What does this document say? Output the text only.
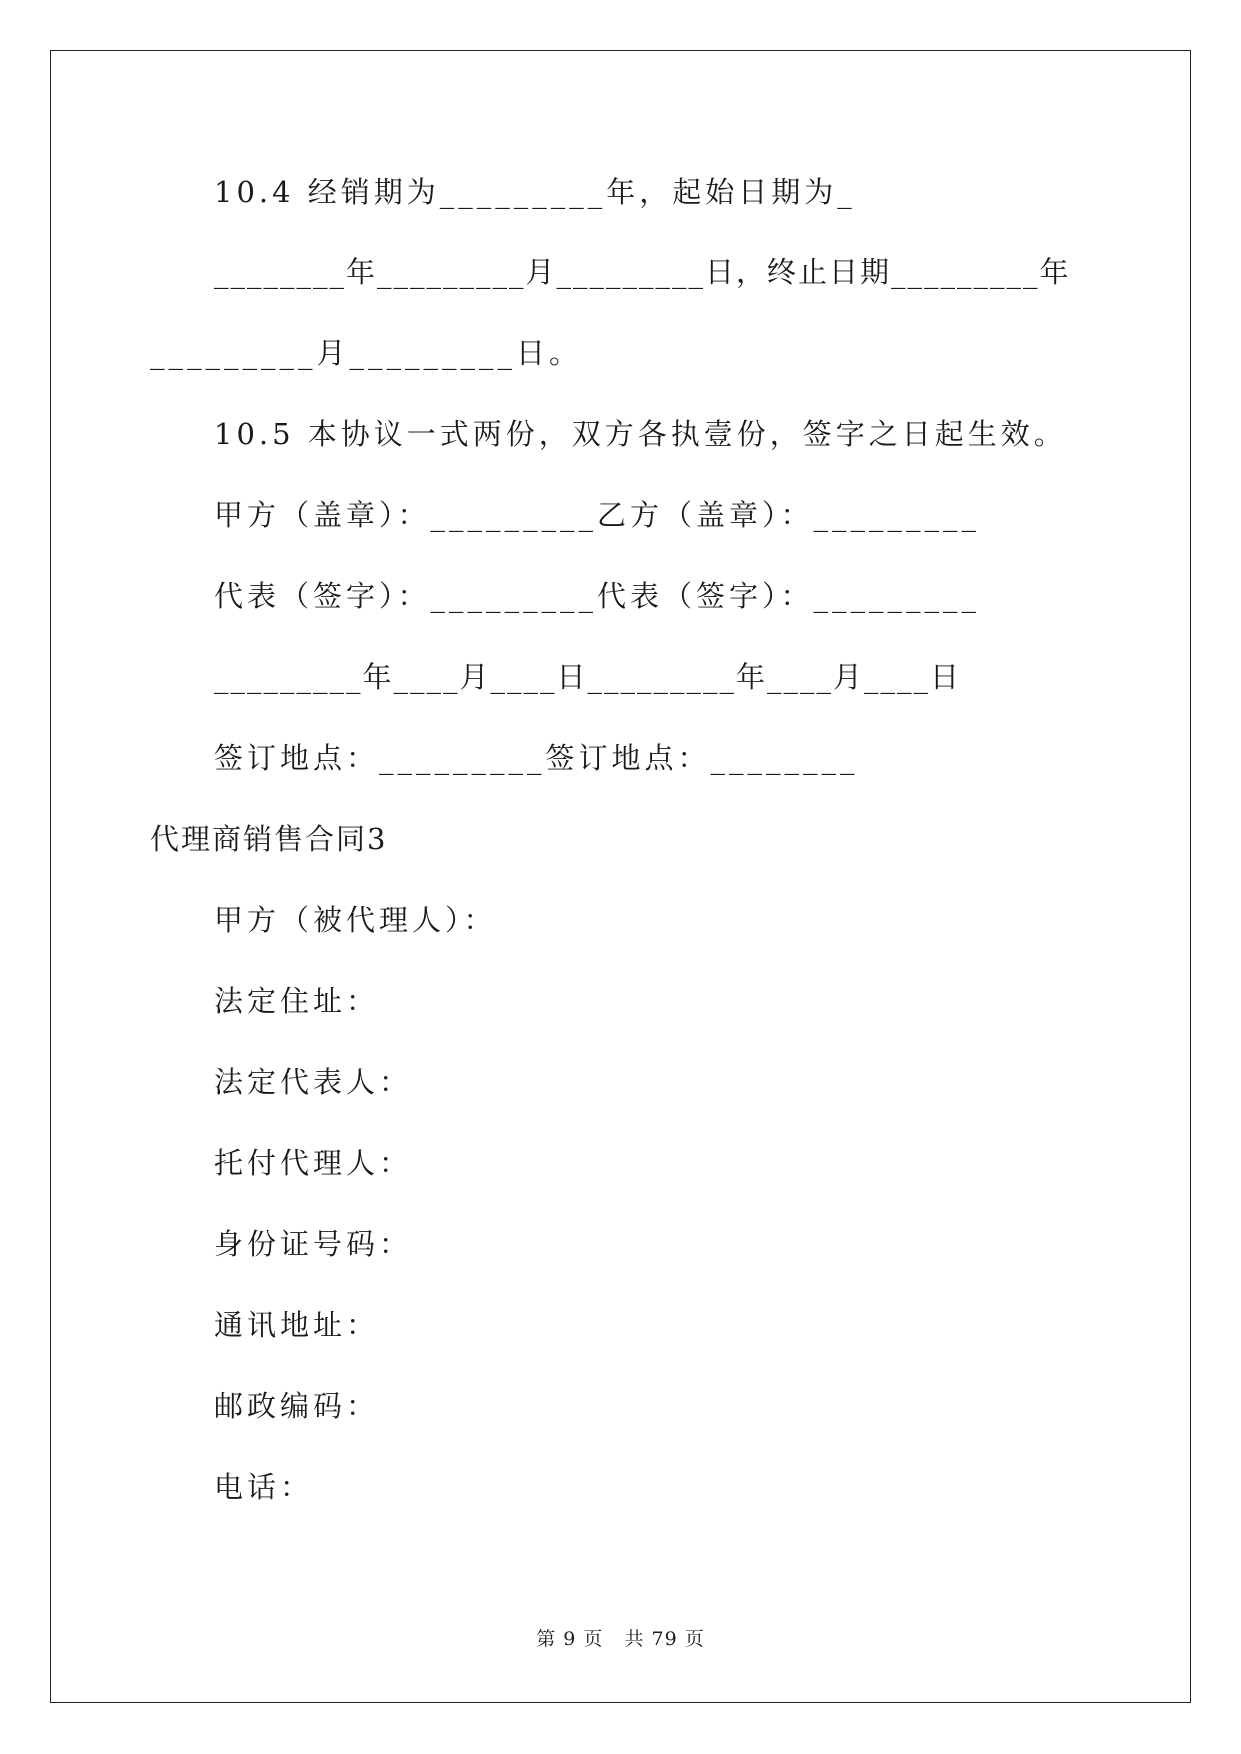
10.4 经销期为_________年，起始日期为_
________年_________月_________日，终止日期_________年
_________月_________日。
10.5 本协议一式两份，双方各执壹份，签字之日起生效。
甲方（盖章）：_________乙方（盖章）：_________
代表（签字）：_________代表（签字）：_________
_________年____月____日_________年____月____日
签订地点：_________签订地点：________
代理商销售合同3
甲方（被代理人）：
法定住址：
法定代表人：
托付代理人：
身份证号码：
通讯地址：
邮政编码：
电话：
第 9 页   共 79 页
